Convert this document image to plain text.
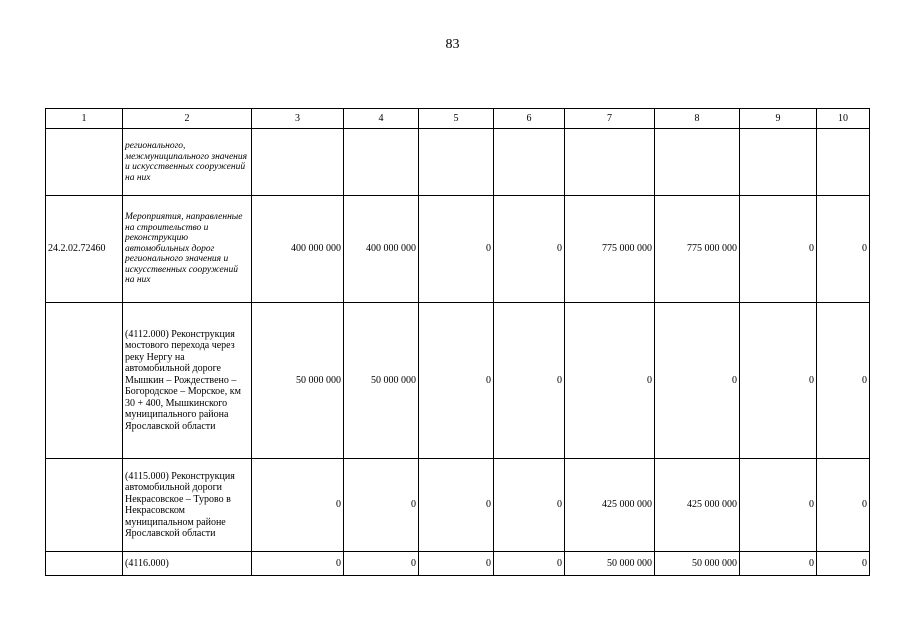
83
1	2	3	4	5	6	7	8	9	10
	регионального, межмуниципального значения и искусственных сооружений на них								
24.2.02.72460	Мероприятия, направленные на строительство и реконструкцию автомобильных дорог регионального значения и искусственных сооружений на них	400 000 000	400 000 000	0	0	775 000 000	775 000 000	0	0
	(4112.000) Реконструкция мостового перехода через реку Нергу на автомобильной дороге Мышкин – Рождествено – Богородское – Морское, км 30 + 400, Мышкинского муниципального района Ярославской области	50 000 000	50 000 000	0	0	0	0	0	0
	(4115.000) Реконструкция автомобильной дороги Некрасовское – Турово в Некрасовском муниципальном районе Ярославской области	0	0	0	0	425 000 000	425 000 000	0	0
	(4116.000)	0	0	0	0	50 000 000	50 000 000	0	0
